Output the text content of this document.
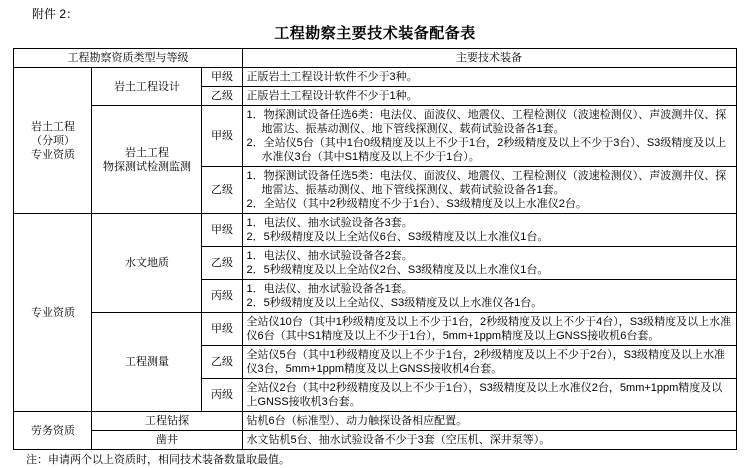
附件 2：
工程勘察主要技术装备配备表
工程勘察资质类型与等级			主要技术装备
岩土工程
（分项）
专业资质	岩土工程设计	甲级	正版岩土工程设计软件不少于3种。
		乙级	正版岩土工程设计软件不少于1种。
	岩土工程
物探测试检测监测	甲级	1．物探测试设备任选6类：电法仪、面波仪、地震仪、工程检测仪（波速检测仪）、声波测井仪、探地雷达、振基动测仪、地下管线探测仪、载荷试验设备各1套。
2．全站仪5台（其中1台0级精度及以上不少于1台，2秒级精度及以上不少于3台）、S3级精度及以上水准仪3台（其中S1精度及以上不少于1台）。

		乙级	1．物探测试设备任选5类：电法仪、面波仪、地震仪、工程检测仪（波速检测仪）、声波测井仪、探地雷达、振基动测仪、地下管线探测仪、载荷试验设备各1套。
2．全站仪（其中2秒级精度不少于1台）、S3级精度及以上水准仪2台。

专业资质	水文地质	甲级	1．电法仪、抽水试验设备各3套。
2．5秒级精度及以上全站仪6台、S3级精度及以上水准仪1台。

		乙级	1．电法仪、抽水试验设备各2套。
2．5秒级精度及以上全站仪2台、S3级精度及以上水准仪1台。

		丙级	1．电法仪、抽水试验设备各1套。
2．5秒级精度及以上全站仪、S3级精度及以上水准仪各1台。

	工程测量	甲级	全站仪10台（其中1秒级精度及以上不少于1台，2秒级精度及以上不少于4台），S3级精度及以上水准仪6台（其中S1精度及以上不少于1台），5mm+1ppm精度及以上GNSS接收机6台套。
		乙级	全站仪5台（其中1秒级精度及以上不少于1台，2秒级精度及以上不少于2台），S3级精度及以上水准仪3台，5mm+1ppm精度及以上GNSS接收机4台套。
		丙级	全站仪2台（其中2秒级精度及以上不少于1台），S3级精度及以上水准仪2台，5mm+1ppm精度及以上GNSS接收机3台套。
劳务资质	工程钻探		钻机6台（标准型）、动力触探设备相应配置。
	凿井		水文钻机5台、抽水试验设备不少于3套（空压机、深井泵等）。
注：申请两个以上资质时，相同技术装备数量取最值。
